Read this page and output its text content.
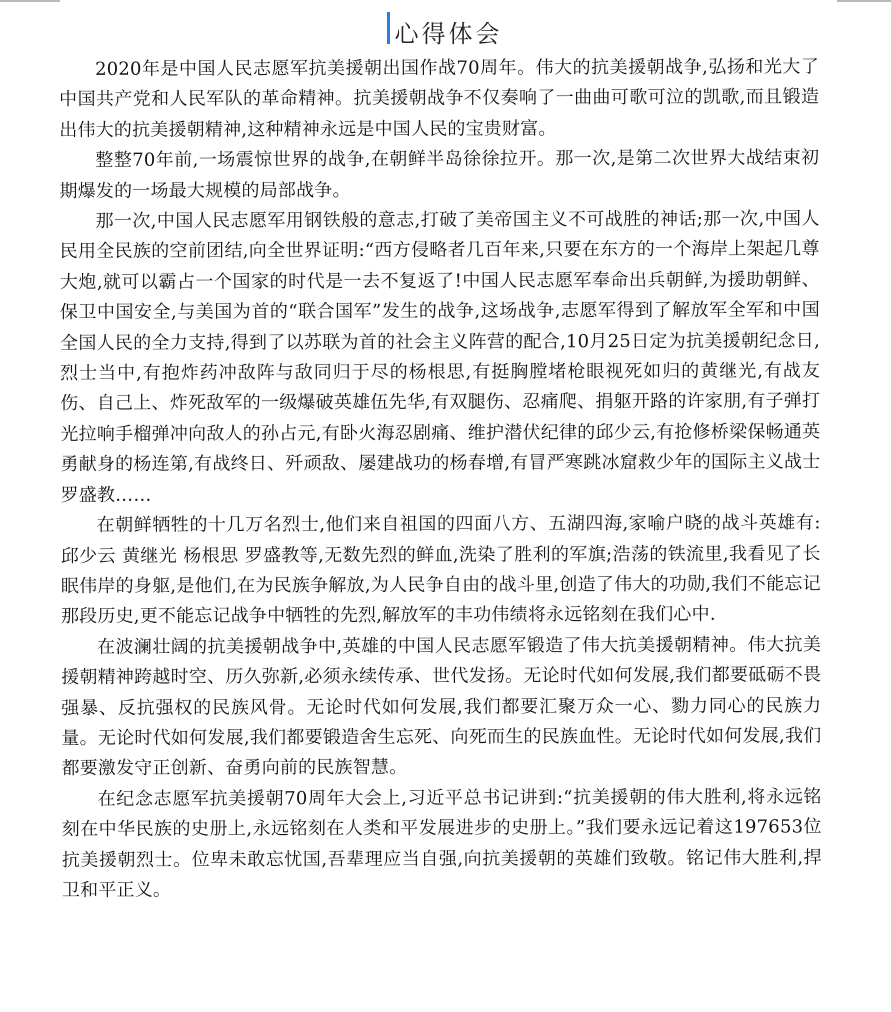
心得体会

2020年是中国人民志愿军抗美援朝出国作战70周年。伟大的抗美援朝战争,弘扬和光大了中国共产党和人民军队的革命精神。抗美援朝战争不仅奏响了一曲曲可歌可泣的凯歌,而且锻造出伟大的抗美援朝精神,这种精神永远是中国人民的宝贵财富。

整整70年前,一场震惊世界的战争,在朝鲜半岛徐徐拉开。那一次,是第二次世界大战结束初期爆发的一场最大规模的局部战争。

那一次,中国人民志愿军用钢铁般的意志,打破了美帝国主义不可战胜的神话;那一次,中国人民用全民族的空前团结,向全世界证明:“西方侵略者几百年来,只要在东方的一个海岸上架起几尊大炮,就可以霸占一个国家的时代是一去不复返了!中国人民志愿军奉命出兵朝鲜,为援助朝鲜、保卫中国安全,与美国为首的“联合国军”发生的战争,这场战争,志愿军得到了解放军全军和中国全国人民的全力支持,得到了以苏联为首的社会主义阵营的配合,10月25日定为抗美援朝纪念日,烈士当中,有抱炸药冲敌阵与敌同归于尽的杨根思,有挺胸膛堵枪眼视死如归的黄继光,有战友伤、自己上、炸死敌军的一级爆破英雄伍先华,有双腿伤、忍痛爬、捐躯开路的许家朋,有子弹打光拉响手榴弹冲向敌人的孙占元,有卧火海忍剧痛、维护潜伏纪律的邱少云,有抢修桥梁保畅通英勇献身的杨连第,有战终日、歼顽敌、屡建战功的杨春增,有冒严寒跳冰窟救少年的国际主义战士罗盛教……

在朝鲜牺牲的十几万名烈士,他们来自祖国的四面八方、五湖四海,家喻户晓的战斗英雄有:邱少云 黄继光 杨根思 罗盛教等,无数先烈的鲜血,洗染了胜利的军旗;浩荡的铁流里,我看见了长眠伟岸的身躯,是他们,在为民族争解放,为人民争自由的战斗里,创造了伟大的功勋,我们不能忘记那段历史,更不能忘记战争中牺牲的先烈,解放军的丰功伟绩将永远铭刻在我们心中.

在波澜壮阔的抗美援朝战争中,英雄的中国人民志愿军锻造了伟大抗美援朝精神。伟大抗美援朝精神跨越时空、历久弥新,必须永续传承、世代发扬。无论时代如何发展,我们都要砥砺不畏强暴、反抗强权的民族风骨。无论时代如何发展,我们都要汇聚万众一心、勠力同心的民族力量。无论时代如何发展,我们都要锻造舍生忘死、向死而生的民族血性。无论时代如何发展,我们都要激发守正创新、奋勇向前的民族智慧。

在纪念志愿军抗美援朝70周年大会上,习近平总书记讲到:“抗美援朝的伟大胜利,将永远铭刻在中华民族的史册上,永远铭刻在人类和平发展进步的史册上。”我们要永远记着这197653位抗美援朝烈士。位卑未敢忘忧国,吾辈理应当自强,向抗美援朝的英雄们致敬。铭记伟大胜利,捍卫和平正义。
